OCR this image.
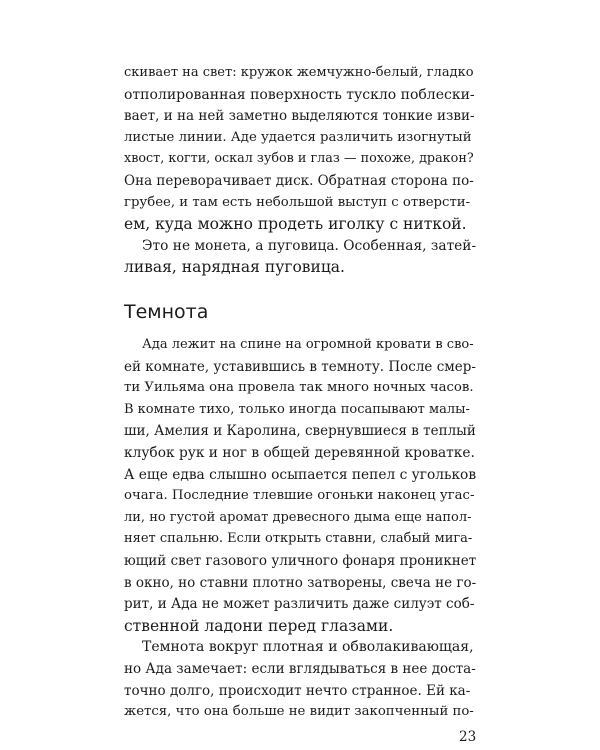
скивает на свет: кружок жемчужно-белый, гладко
отполированная поверхность тускло поблески-
вает, и на ней заметно выделяются тонкие изви-
листые линии. Аде удается различить изогнутый
хвост, когти, оскал зубов и глаз — похоже, дракон?
Она переворачивает диск. Обратная сторона по-
грубее, и там есть небольшой выступ с отверсти-
ем, куда можно продеть иголку с ниткой.
Это не монета, а пуговица. Особенная, затей-
ливая, нарядная пуговица.
Темнота
Ада лежит на спине на огромной кровати в сво-
ей комнате, уставившись в темноту. После смер-
ти Уильяма она провела так много ночных часов.
В комнате тихо, только иногда посапывают малы-
ши, Амелия и Каролина, свернувшиеся в теплый
клубок рук и ног в общей деревянной кроватке.
А еще едва слышно осыпается пепел с угольков
очага. Последние тлевшие огоньки наконец угас-
ли, но густой аромат древесного дыма еще напол-
няет спальню. Если открыть ставни, слабый мига-
ющий свет газового уличного фонаря проникнет
в окно, но ставни плотно затворены, свеча не го-
рит, и Ада не может различить даже силуэт соб-
ственной ладони перед глазами.
Темнота вокруг плотная и обволакивающая,
но Ада замечает: если вглядываться в нее доста-
точно долго, происходит нечто странное. Ей ка-
жется, что она больше не видит закопченный по-
23
